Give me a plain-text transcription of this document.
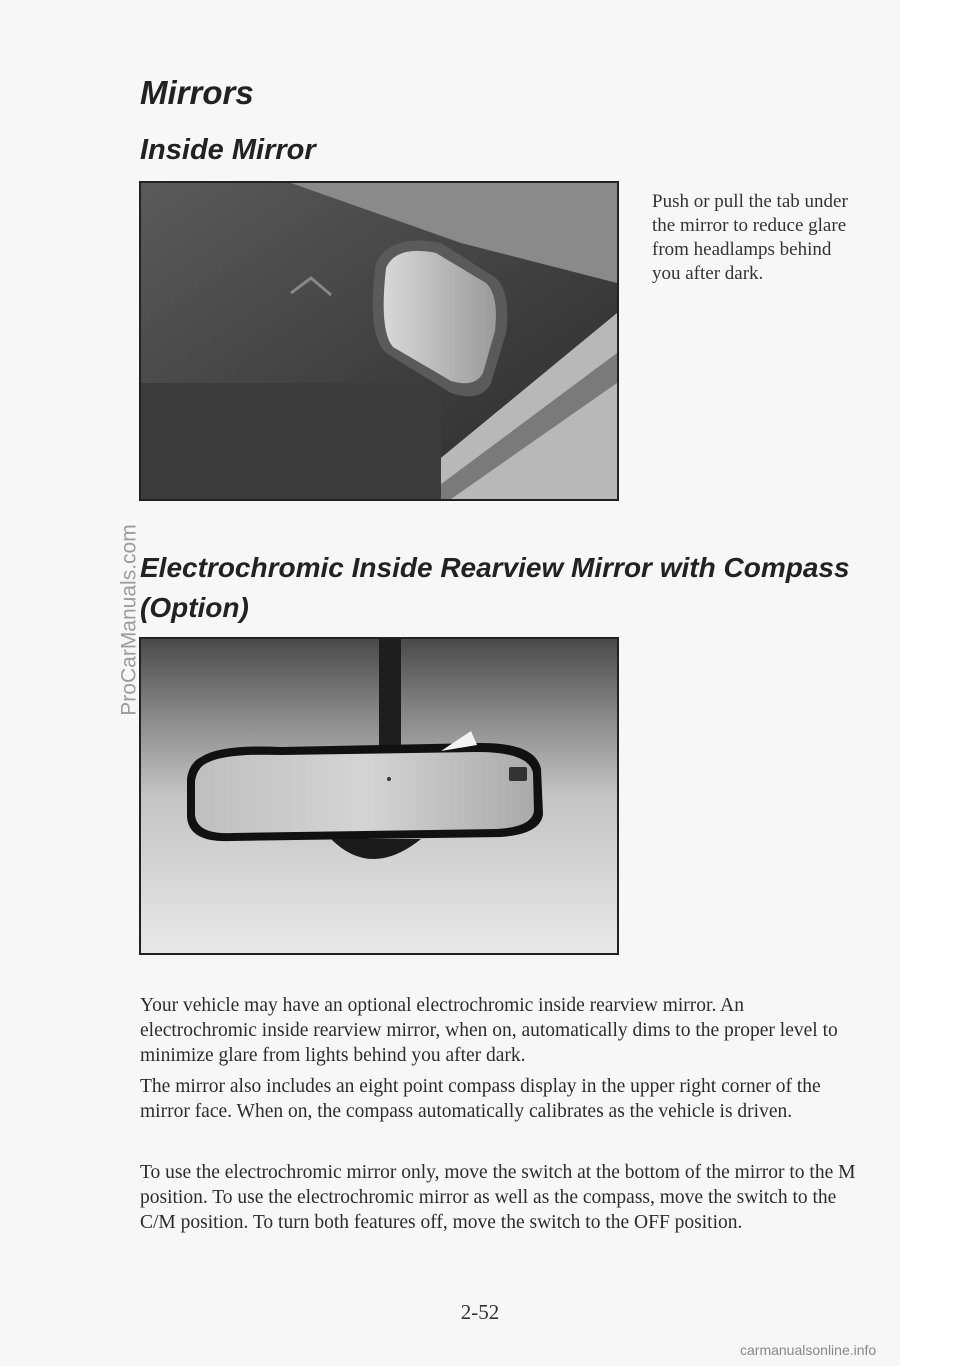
Mirrors
Inside Mirror

Push or pull the tab under the mirror to reduce glare from headlamps behind you after dark.

Electrochromic Inside Rearview Mirror with Compass (Option)

Your vehicle may have an optional electrochromic inside rearview mirror. An electrochromic inside rearview mirror, when on, automatically dims to the proper level to minimize glare from lights behind you after dark.

The mirror also includes an eight point compass display in the upper right corner of the mirror face. When on, the compass automatically calibrates as the vehicle is driven.

To use the electrochromic mirror only, move the switch at the bottom of the mirror to the M position. To use the electrochromic mirror as well as the compass, move the switch to the C/M position. To turn both features off, move the switch to the OFF position.

2-52

ProCarManuals.com

carmanualsonline.info
